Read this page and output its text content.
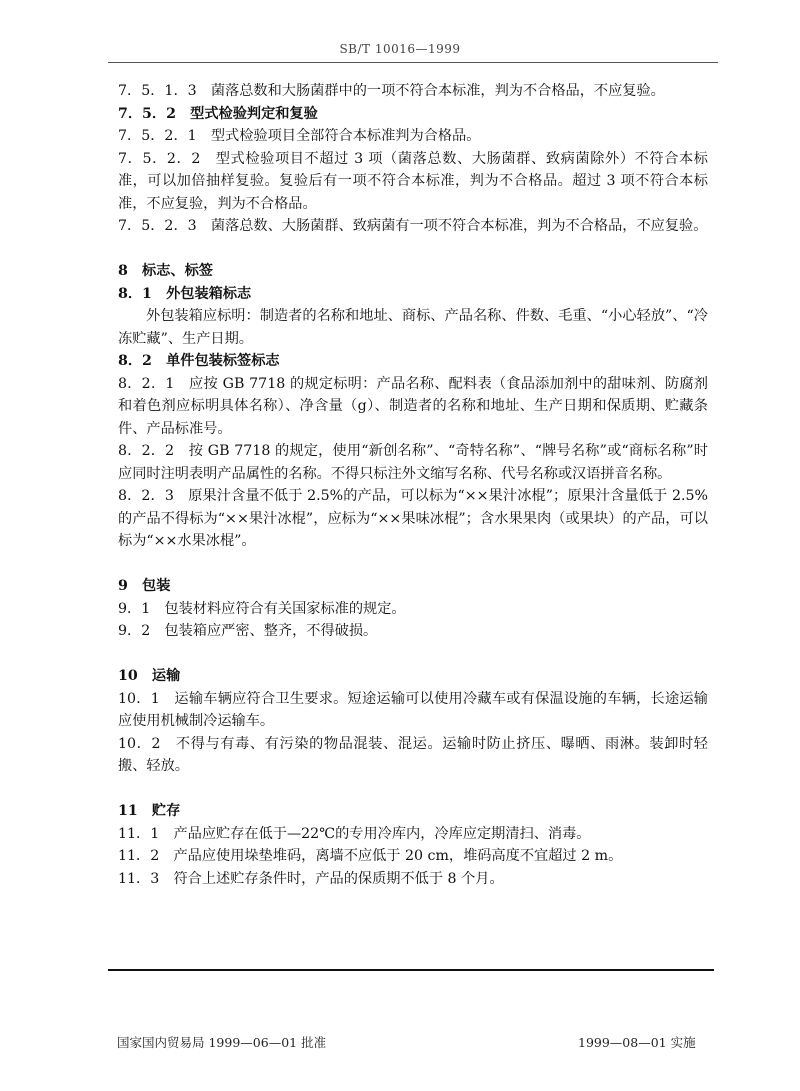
SB/T 10016—1999

7．5．1．3　菌落总数和大肠菌群中的一项不符合本标准，判为不合格品，不应复验。

7．5．2　型式检验判定和复验

7．5．2．1　型式检验项目全部符合本标准判为合格品。

7．5．2．2　型式检验项目不超过 3 项（菌落总数、大肠菌群、致病菌除外）不符合本标准，可以加倍抽样复验。复验后有一项不符合本标准，判为不合格品。超过 3 项不符合本标准，不应复验，判为不合格品。

7．5．2．3　菌落总数、大肠菌群、致病菌有一项不符合本标准，判为不合格品，不应复验。

8　标志、标签

8．1　外包装箱标志

外包装箱应标明：制造者的名称和地址、商标、产品名称、件数、毛重、“小心轻放”、“冷冻贮藏”、生产日期。

8．2　单件包装标签标志

8．2．1　应按 GB 7718 的规定标明：产品名称、配料表（食品添加剂中的甜味剂、防腐剂和着色剂应标明具体名称）、净含量（g）、制造者的名称和地址、生产日期和保质期、贮藏条件、产品标准号。

8．2．2　按 GB 7718 的规定，使用“新创名称”、“奇特名称”、“牌号名称”或“商标名称”时应同时注明表明产品属性的名称。不得只标注外文缩写名称、代号名称或汉语拼音名称。

8．2．3　原果汁含量不低于 2.5%的产品，可以标为“××果汁冰棍”；原果汁含量低于 2.5%的产品不得标为“××果汁冰棍”，应标为“××果味冰棍”；含水果果肉（或果块）的产品，可以标为“××水果冰棍”。

9　包装

9．1　包装材料应符合有关国家标准的规定。

9．2　包装箱应严密、整齐，不得破损。

10　运输

10．1　运输车辆应符合卫生要求。短途运输可以使用冷藏车或有保温设施的车辆，长途运输应使用机械制冷运输车。

10．2　不得与有毒、有污染的物品混装、混运。运输时防止挤压、曝晒、雨淋。装卸时轻搬、轻放。

11　贮存

11．1　产品应贮存在低于—22℃的专用冷库内，冷库应定期清扫、消毒。

11．2　产品应使用垛垫堆码，离墙不应低于 20 cm，堆码高度不宜超过 2 m。

11．3　符合上述贮存条件时，产品的保质期不低于 8 个月。

国家国内贸易局 1999—06—01 批准	1999—08—01 实施
